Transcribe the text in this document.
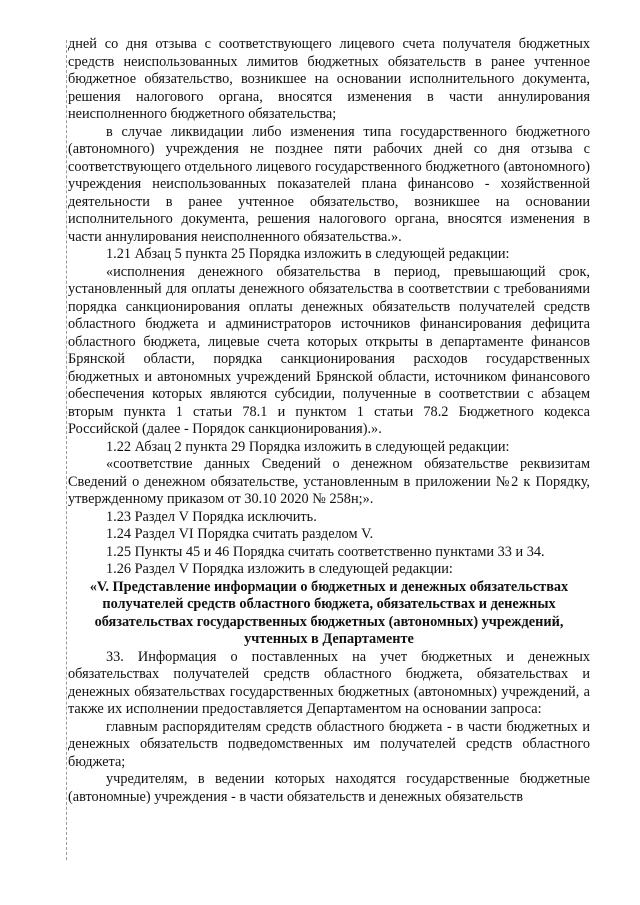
дней со дня отзыва с соответствующего лицевого счета получателя бюджетных средств неиспользованных лимитов бюджетных обязательств в ранее учтенное бюджетное обязательство, возникшее на основании исполнительного документа, решения налогового органа, вносятся изменения в части аннулирования неисполненного бюджетного обязательства;

в случае ликвидации либо изменения типа государственного бюджетного (автономного) учреждения не позднее пяти рабочих дней со дня отзыва с соответствующего отдельного лицевого государственного бюджетного (автономного) учреждения неиспользованных показателей плана финансово - хозяйственной деятельности в ранее учтенное обязательство, возникшее на основании исполнительного документа, решения налогового органа, вносятся изменения в части аннулирования неисполненного обязательства.».

1.21 Абзац 5 пункта 25 Порядка изложить в следующей редакции:

«исполнения денежного обязательства в период, превышающий срок, установленный для оплаты денежного обязательства в соответствии с требованиями порядка санкционирования оплаты денежных обязательств получателей средств областного бюджета и администраторов источников финансирования дефицита областного бюджета, лицевые счета которых открыты в департаменте финансов Брянской области, порядка санкционирования расходов государственных бюджетных и автономных учреждений Брянской области, источником финансового обеспечения которых являются субсидии, полученные в соответствии с абзацем вторым пункта 1 статьи 78.1 и пунктом 1 статьи 78.2 Бюджетного кодекса Российской (далее - Порядок санкционирования).».

1.22 Абзац 2 пункта 29 Порядка изложить в следующей редакции:

«соответствие данных Сведений о денежном обязательстве реквизитам Сведений о денежном обязательстве, установленным в приложении №2 к Порядку, утвержденному приказом от 30.10 2020 № 258н;».

1.23 Раздел V Порядка исключить.

1.24 Раздел VI Порядка считать разделом V.

1.25 Пункты 45 и 46 Порядка считать соответственно пунктами 33 и 34.

1.26 Раздел V Порядка изложить в следующей редакции:

«V. Представление информации о бюджетных и денежных обязательствах получателей средств областного бюджета, обязательствах и денежных обязательствах государственных бюджетных (автономных) учреждений, учтенных в Департаменте

33. Информация о поставленных на учет бюджетных и денежных обязательствах получателей средств областного бюджета, обязательствах и денежных обязательствах государственных бюджетных (автономных) учреждений, а также их исполнении предоставляется Департаментом на основании запроса:

главным распорядителям средств областного бюджета - в части бюджетных и денежных обязательств подведомственных им получателей средств областного бюджета;

учредителям, в ведении которых находятся государственные бюджетные (автономные) учреждения - в части обязательств и денежных обязательств
